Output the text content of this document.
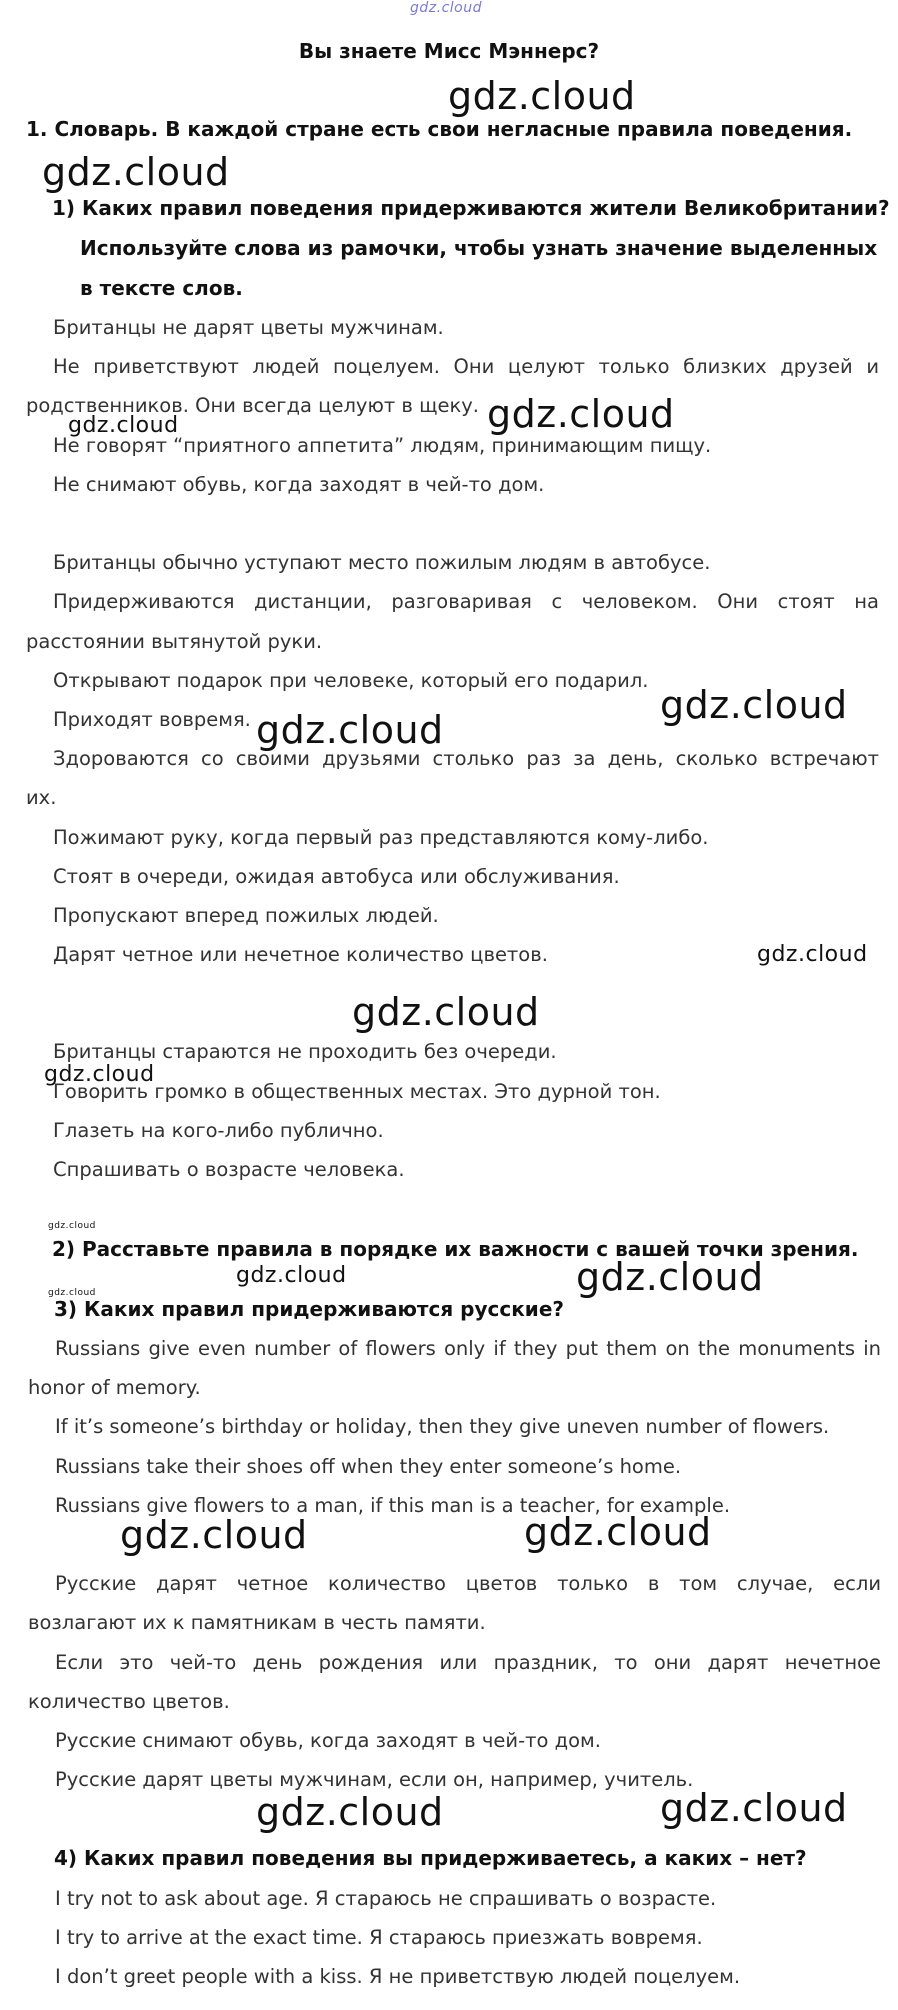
gdz.cloud
Вы знаете Мисс Мэннерс?
1. Словарь. В каждой стране есть свои негласные правила поведения.
1) Каких правил поведения придерживаются жители Великобритании?
Используйте слова из рамочки, чтобы узнать значение выделенных
в тексте слов.
Британцы не дарят цветы мужчинам.
Не приветствуют людей поцелуем. Они целуют только близких друзей и
родственников. Они всегда целуют в щеку.
Не говорят “приятного аппетита” людям, принимающим пищу.
Не снимают обувь, когда заходят в чей-то дом.
Британцы обычно уступают место пожилым людям в автобусе.
Придерживаются дистанции, разговаривая с человеком. Они стоят на
расстоянии вытянутой руки.
Открывают подарок при человеке, который его подарил.
Приходят вовремя.
Здороваются со своими друзьями столько раз за день, сколько встречают
их.
Пожимают руку, когда первый раз представляются кому-либо.
Стоят в очереди, ожидая автобуса или обслуживания.
Пропускают вперед пожилых людей.
Дарят четное или нечетное количество цветов.
Британцы стараются не проходить без очереди.
Говорить громко в общественных местах. Это дурной тон.
Глазеть на кого-либо публично.
Спрашивать о возрасте человека.
2) Расставьте правила в порядке их важности с вашей точки зрения.
3) Каких правил придерживаются русские?
Russians give even number of flowers only if they put them on the monuments in
honor of memory.
If it’s someone’s birthday or holiday, then they give uneven number of flowers.
Russians take their shoes off when they enter someone’s home.
Russians give flowers to a man, if this man is a teacher, for example.
Русские дарят четное количество цветов только в том случае, если
возлагают их к памятникам в честь памяти.
Если это чей-то день рождения или праздник, то они дарят нечетное
количество цветов.
Русские снимают обувь, когда заходят в чей-то дом.
Русские дарят цветы мужчинам, если он, например, учитель.
4) Каких правил поведения вы придерживаетесь, а каких – нет?
I try not to ask about age. Я стараюсь не спрашивать о возрасте.
I try to arrive at the exact time. Я стараюсь приезжать вовремя.
I don’t greet people with a kiss. Я не приветствую людей поцелуем.
gdz.cloud
gdz.cloud
gdz.cloud	gdz.cloud
gdz.cloud
gdz.cloud
gdz.cloud
gdz.cloud
gdz.cloud
gdz.cloud
gdz.cloud	gdz.cloud
gdz.cloud
gdz.cloud	gdz.cloud
gdz.cloud	gdz.cloud
